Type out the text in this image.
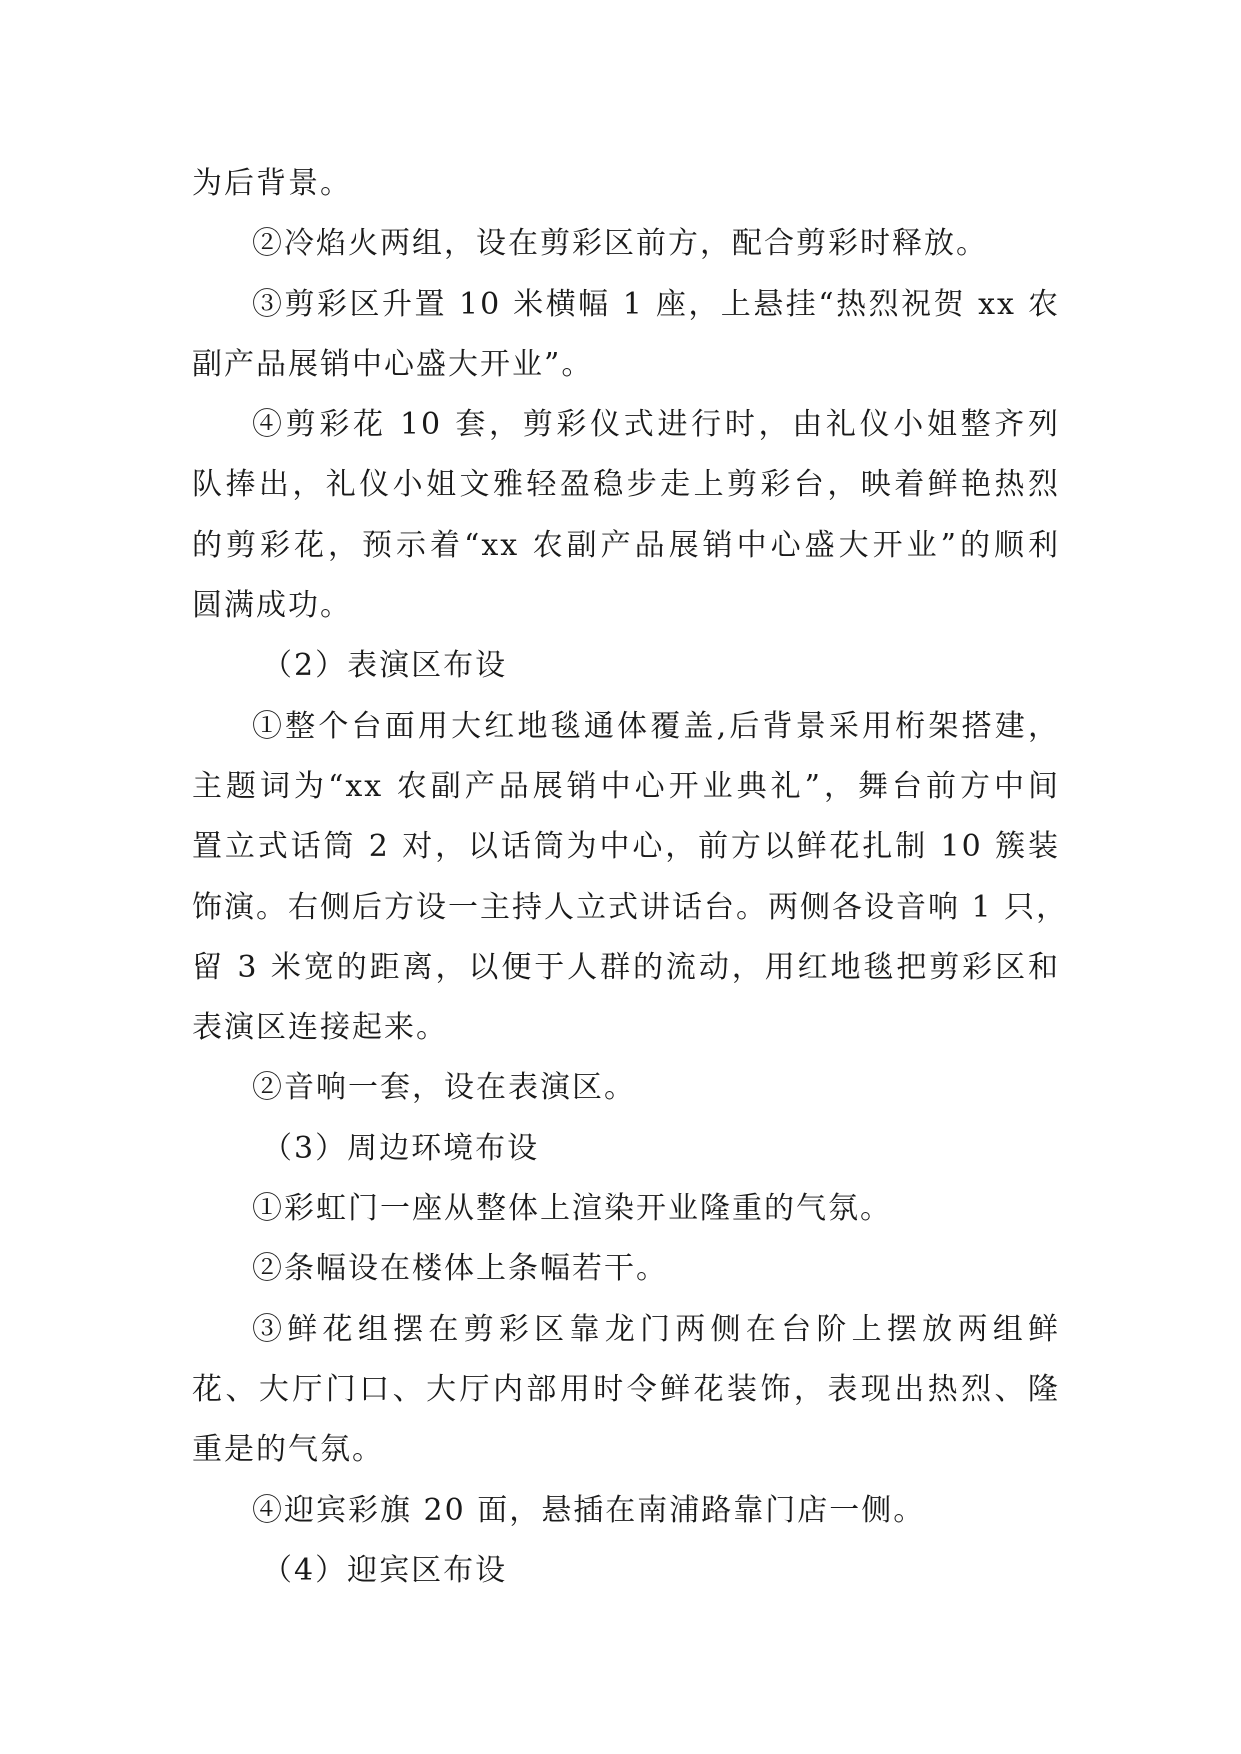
为后背景。
②冷焰火两组，设在剪彩区前方，配合剪彩时释放。
③剪彩区升置 10 米横幅 1 座，上悬挂“热烈祝贺 xx 农
副产品展销中心盛大开业”。
④剪彩花 10 套，剪彩仪式进行时，由礼仪小姐整齐列
队捧出，礼仪小姐文雅轻盈稳步走上剪彩台，映着鲜艳热烈
的剪彩花，预示着“xx 农副产品展销中心盛大开业”的顺利
圆满成功。
（2）表演区布设
①整个台面用大红地毯通体覆盖,后背景采用桁架搭建，
主题词为“xx 农副产品展销中心开业典礼”，舞台前方中间
置立式话筒 2 对，以话筒为中心，前方以鲜花扎制 10 簇装
饰演。右侧后方设一主持人立式讲话台。两侧各设音响 1 只，
留 3 米宽的距离，以便于人群的流动，用红地毯把剪彩区和
表演区连接起来。
②音响一套，设在表演区。
（3）周边环境布设
①彩虹门一座从整体上渲染开业隆重的气氛。
②条幅设在楼体上条幅若干。
③鲜花组摆在剪彩区靠龙门两侧在台阶上摆放两组鲜
花、大厅门口、大厅内部用时令鲜花装饰，表现出热烈、隆
重是的气氛。
④迎宾彩旗 20 面，悬插在南浦路靠门店一侧。
（4）迎宾区布设
